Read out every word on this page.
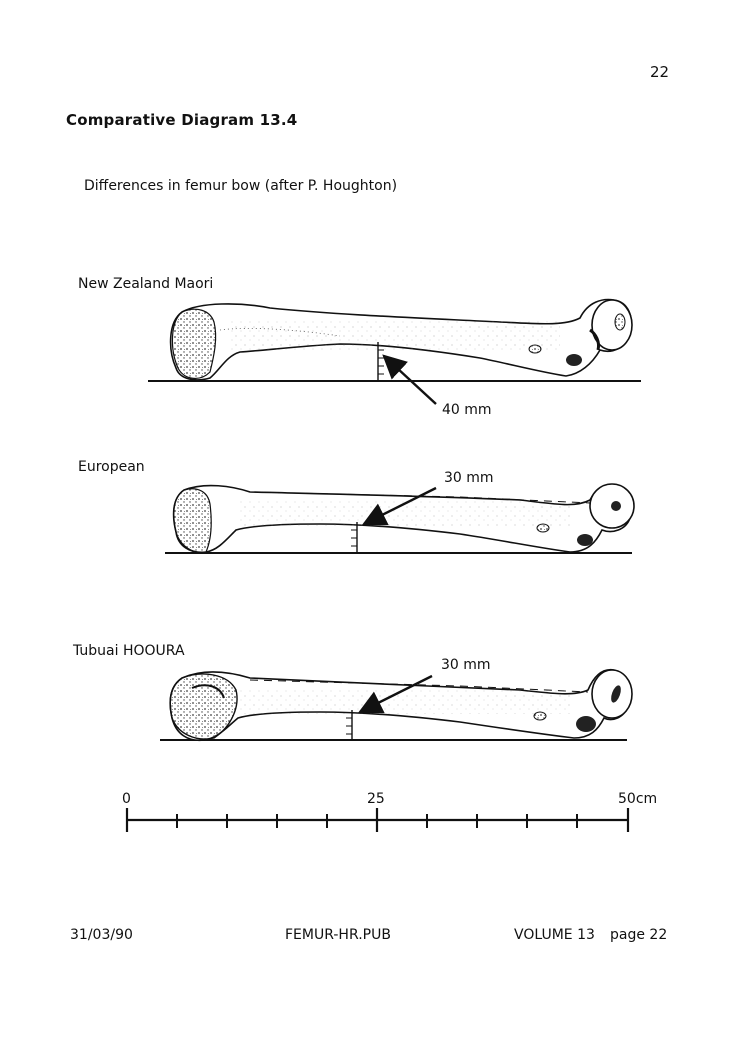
22
Comparative Diagram 13.4
Differences in femur bow (after P. Houghton)
New Zealand Maori
40 mm
European
30 mm
Tubuai HOOURA
30 mm
0	25	50cm
31/03/90	FEMUR-HR.PUB	VOLUME 13 page 22
